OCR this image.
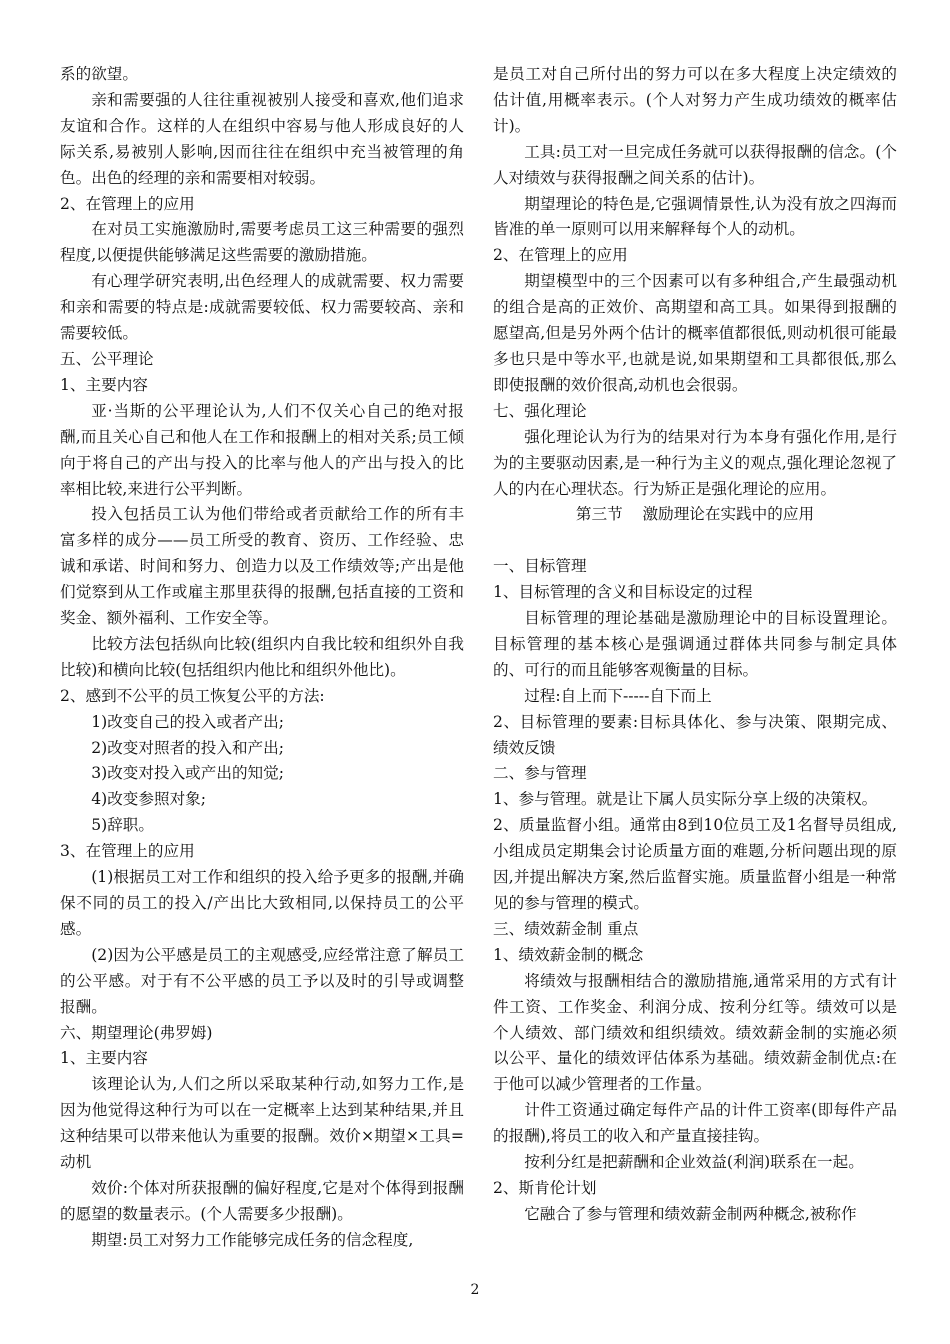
系的欲望。
亲和需要强的人往往重视被别人接受和喜欢,他们追求友谊和合作。这样的人在组织中容易与他人形成良好的人际关系,易被别人影响,因而往往在组织中充当被管理的角色。出色的经理的亲和需要相对较弱。
2、在管理上的应用
在对员工实施激励时,需要考虑员工这三种需要的强烈程度,以便提供能够满足这些需要的激励措施。
有心理学研究表明,出色经理人的成就需要、权力需要和亲和需要的特点是:成就需要较低、权力需要较高、亲和需要较低。
五、公平理论
1、主要内容
亚·当斯的公平理论认为,人们不仅关心自己的绝对报酬,而且关心自己和他人在工作和报酬上的相对关系;员工倾向于将自己的产出与投入的比率与他人的产出与投入的比率相比较,来进行公平判断。
投入包括员工认为他们带给或者贡献给工作的所有丰富多样的成分——员工所受的教育、资历、工作经验、忠诚和承诺、时间和努力、创造力以及工作绩效等;产出是他们觉察到从工作或雇主那里获得的报酬,包括直接的工资和奖金、额外福利、工作安全等。
比较方法包括纵向比较(组织内自我比较和组织外自我比较)和横向比较(包括组织内他比和组织外他比)。
2、感到不公平的员工恢复公平的方法:
1)改变自己的投入或者产出;
2)改变对照者的投入和产出;
3)改变对投入或产出的知觉;
4)改变参照对象;
5)辞职。
3、在管理上的应用
(1)根据员工对工作和组织的投入给予更多的报酬,并确保不同的员工的投入/产出比大致相同,以保持员工的公平感。
(2)因为公平感是员工的主观感受,应经常注意了解员工的公平感。对于有不公平感的员工予以及时的引导或调整报酬。
六、期望理论(弗罗姆)
1、主要内容
该理论认为,人们之所以采取某种行动,如努力工作,是因为他觉得这种行为可以在一定概率上达到某种结果,并且这种结果可以带来他认为重要的报酬。效价×期望×工具=动机
效价:个体对所获报酬的偏好程度,它是对个体得到报酬的愿望的数量表示。(个人需要多少报酬)。
期望:员工对努力工作能够完成任务的信念程度,
是员工对自己所付出的努力可以在多大程度上决定绩效的估计值,用概率表示。(个人对努力产生成功绩效的概率估计)。
工具:员工对一旦完成任务就可以获得报酬的信念。(个人对绩效与获得报酬之间关系的估计)。
期望理论的特色是,它强调情景性,认为没有放之四海而皆准的单一原则可以用来解释每个人的动机。
2、在管理上的应用
期望模型中的三个因素可以有多种组合,产生最强动机的组合是高的正效价、高期望和高工具。如果得到报酬的愿望高,但是另外两个估计的概率值都很低,则动机很可能最多也只是中等水平,也就是说,如果期望和工具都很低,那么即使报酬的效价很高,动机也会很弱。
七、强化理论
强化理论认为行为的结果对行为本身有强化作用,是行为的主要驱动因素,是一种行为主义的观点,强化理论忽视了人的内在心理状态。行为矫正是强化理论的应用。
第三节    激励理论在实践中的应用
一、目标管理
1、目标管理的含义和目标设定的过程
目标管理的理论基础是激励理论中的目标设置理论。目标管理的基本核心是强调通过群体共同参与制定具体的、可行的而且能够客观衡量的目标。
过程:自上而下-----自下而上
2、目标管理的要素:目标具体化、参与决策、限期完成、绩效反馈
二、参与管理
1、参与管理。就是让下属人员实际分享上级的决策权。
2、质量监督小组。通常由8到10位员工及1名督导员组成,小组成员定期集会讨论质量方面的难题,分析问题出现的原因,并提出解决方案,然后监督实施。质量监督小组是一种常见的参与管理的模式。
三、绩效薪金制 重点
1、绩效薪金制的概念
将绩效与报酬相结合的激励措施,通常采用的方式有计件工资、工作奖金、利润分成、按利分红等。绩效可以是个人绩效、部门绩效和组织绩效。绩效薪金制的实施必须以公平、量化的绩效评估体系为基础。绩效薪金制优点:在于他可以减少管理者的工作量。
计件工资通过确定每件产品的计件工资率(即每件产品的报酬),将员工的收入和产量直接挂钩。
按利分红是把薪酬和企业效益(利润)联系在一起。
2、斯肯伦计划
它融合了参与管理和绩效薪金制两种概念,被称作
2
